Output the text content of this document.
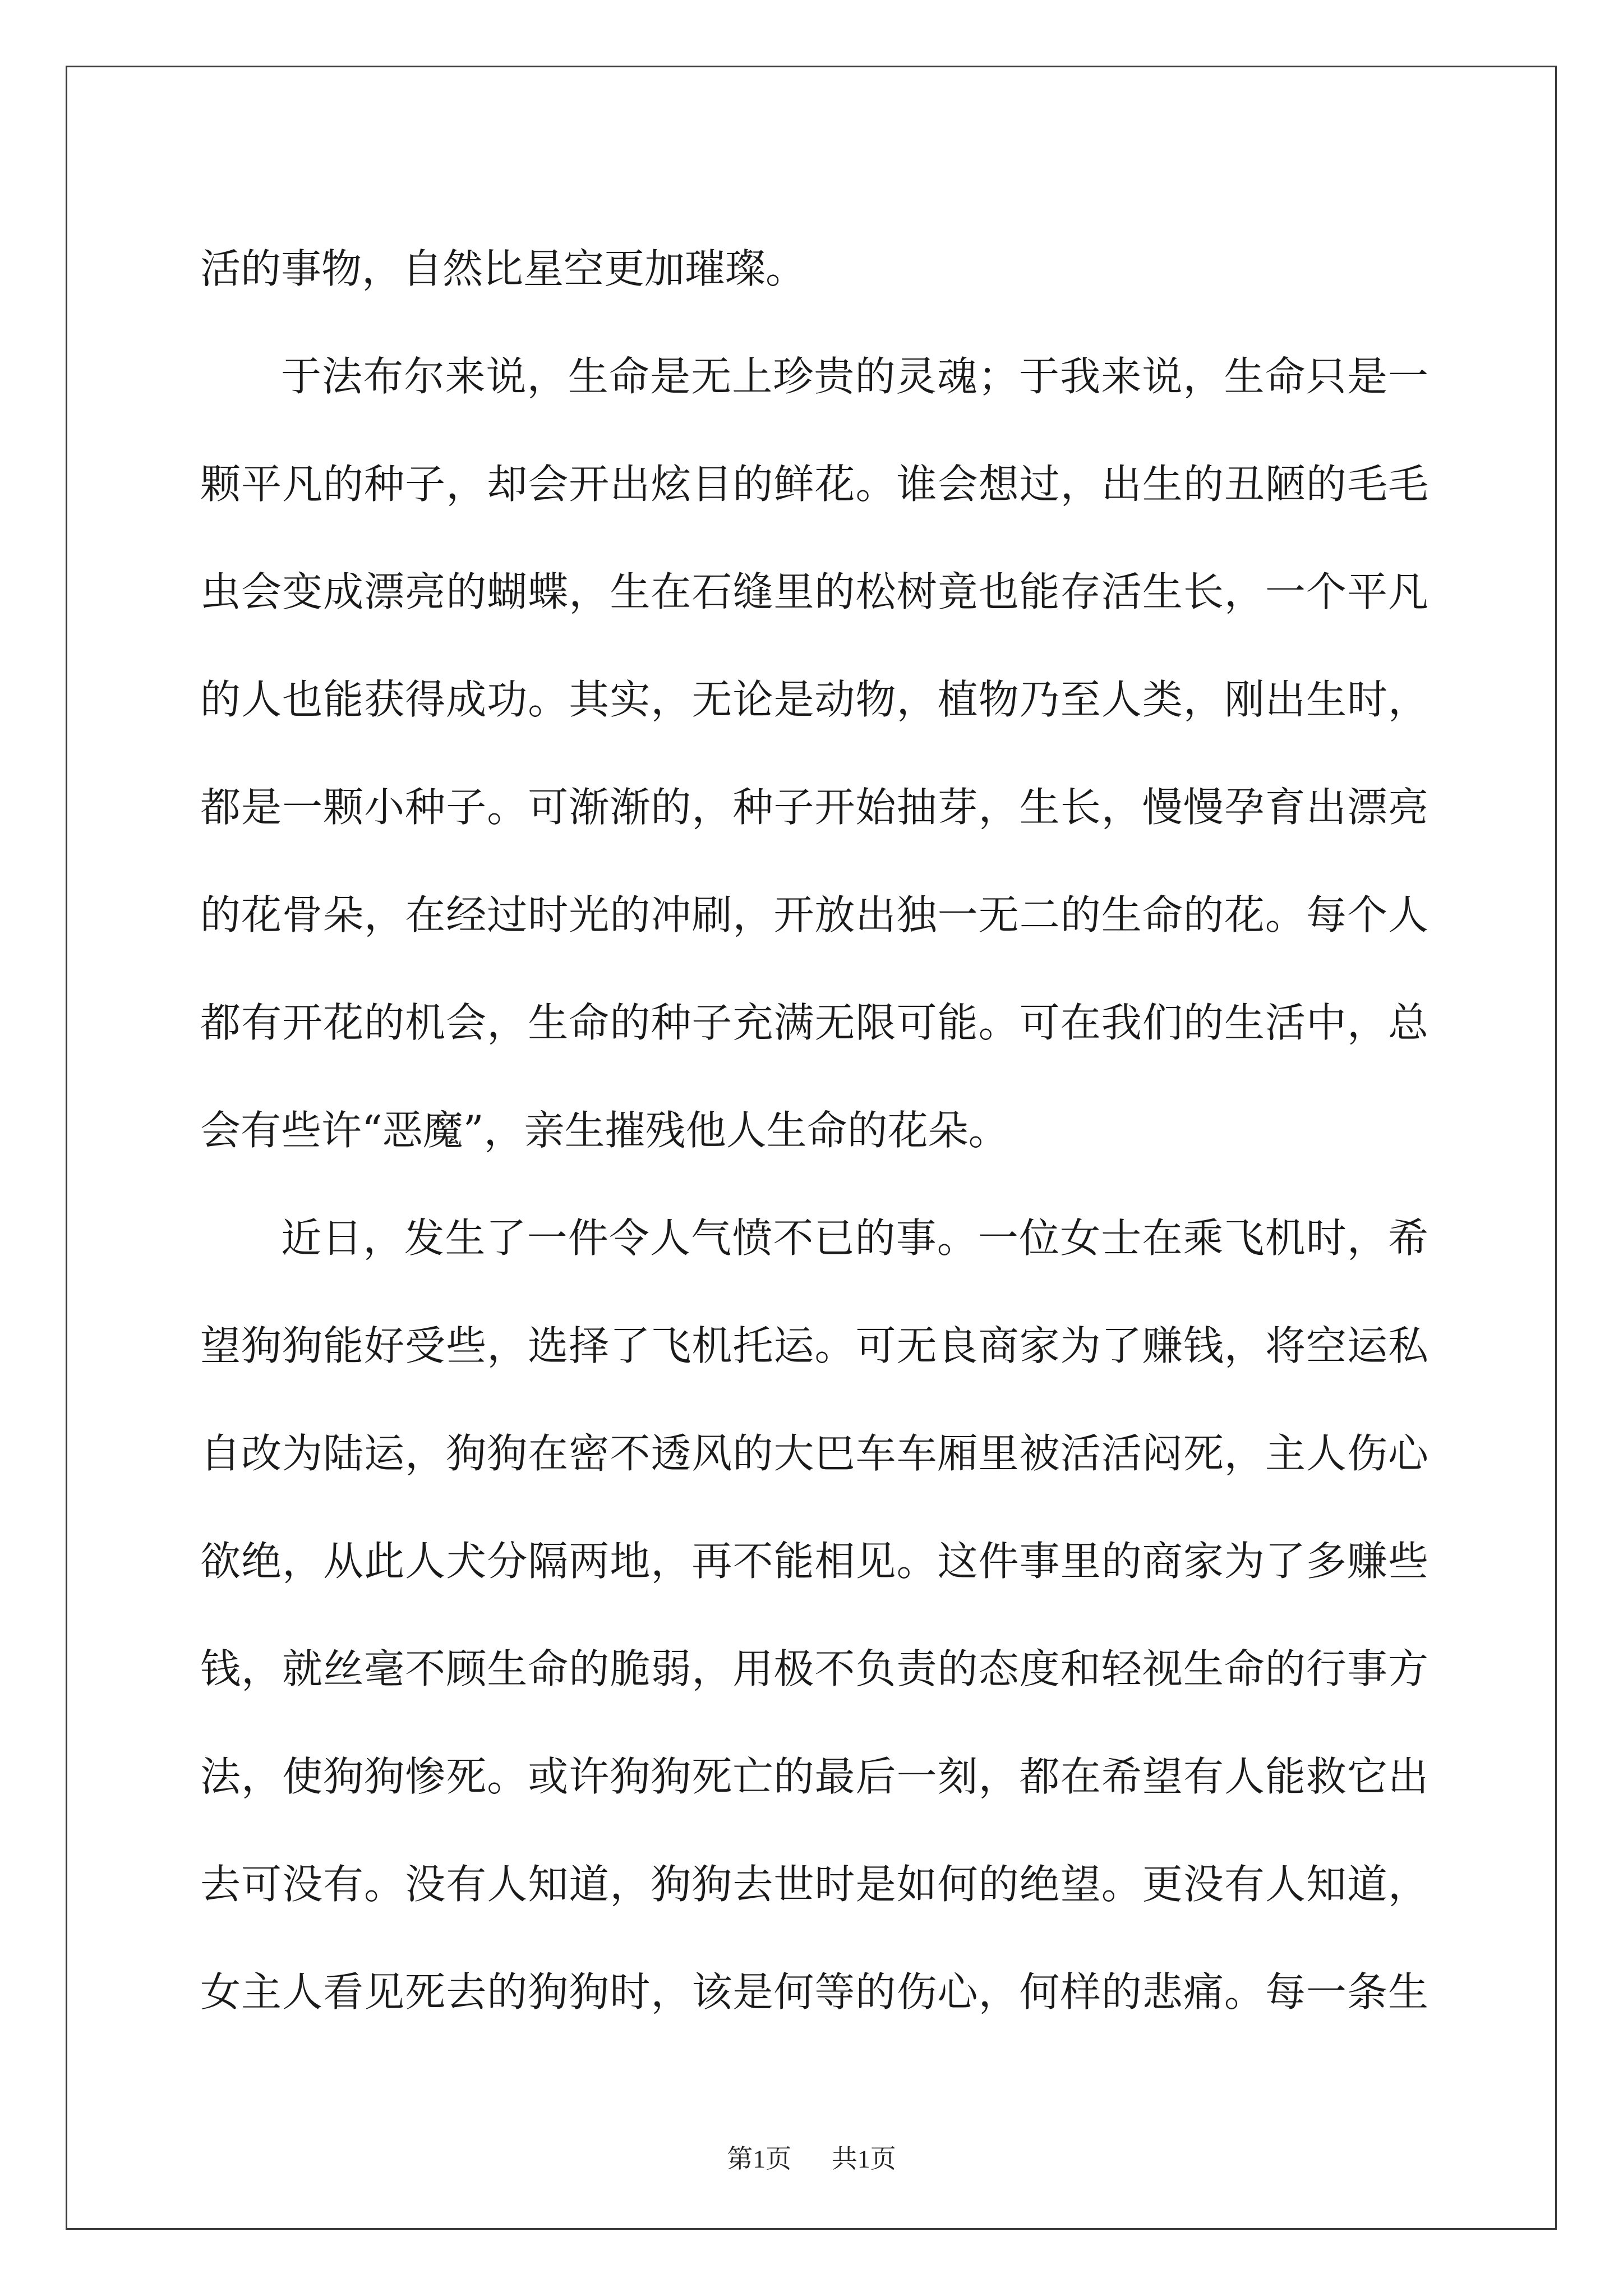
活的事物，自然比星空更加璀璨。
于法布尔来说，生命是无上珍贵的灵魂；于我来说，生命只是一
颗平凡的种子，却会开出炫目的鲜花。谁会想过，出生的丑陋的毛毛
虫会变成漂亮的蝴蝶，生在石缝里的松树竟也能存活生长，一个平凡
的人也能获得成功。其实，无论是动物，植物乃至人类，刚出生时，
都是一颗小种子。可渐渐的，种子开始抽芽，生长，慢慢孕育出漂亮
的花骨朵，在经过时光的冲刷，开放出独一无二的生命的花。每个人
都有开花的机会，生命的种子充满无限可能。可在我们的生活中，总
会有些许“恶魔”，亲生摧残他人生命的花朵。
近日，发生了一件令人气愤不已的事。一位女士在乘飞机时，希
望狗狗能好受些，选择了飞机托运。可无良商家为了赚钱，将空运私
自改为陆运，狗狗在密不透风的大巴车车厢里被活活闷死，主人伤心
欲绝，从此人犬分隔两地，再不能相见。这件事里的商家为了多赚些
钱，就丝毫不顾生命的脆弱，用极不负责的态度和轻视生命的行事方
法，使狗狗惨死。或许狗狗死亡的最后一刻，都在希望有人能救它出
去可没有。没有人知道，狗狗去世时是如何的绝望。更没有人知道，
女主人看见死去的狗狗时，该是何等的伤心，何样的悲痛。每一条生
第1页 共1页
